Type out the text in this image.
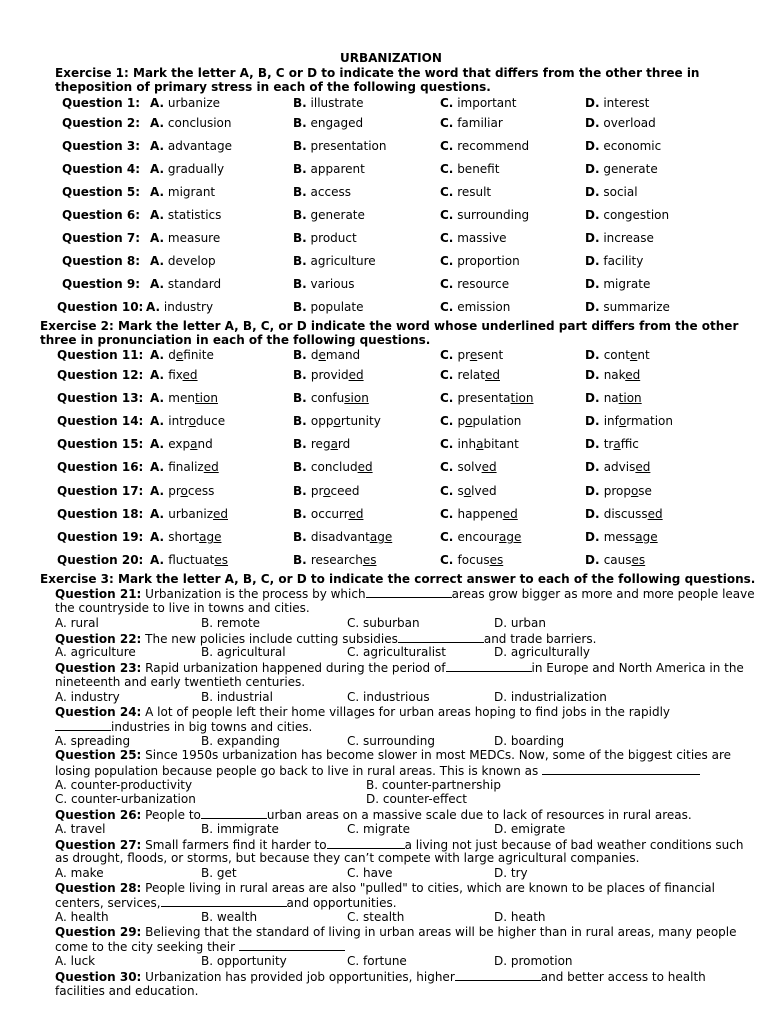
URBANIZATION
Exercise 1: Mark the letter A, B, C or D to indicate the word that differs from the other three in
theposition of primary stress in each of the following questions.
Question 1: A. urbanize	B. illustrate	C. important	D. interest
Question 2: A. conclusion	B. engaged	C. familiar	D. overload
Question 3: A. advantage	B. presentation	C. recommend	D. economic
Question 4: A. gradually	B. apparent	C. benefit	D. generate
Question 5: A. migrant	B. access	C. result	D. social
Question 6: A. statistics	B. generate	C. surrounding	D. congestion
Question 7: A. measure	B. product	C. massive	D. increase
Question 8: A. develop	B. agriculture	C. proportion	D. facility
Question 9: A. standard	B. various	C. resource	D. migrate
Question 10: A. industry	B. populate	C. emission	D. summarize
Exercise 2: Mark the letter A, B, C, or D indicate the word whose underlined part differs from the other
three in pronunciation in each of the following questions.
Question 11: A. definite	B. demand	C. present	D. content
Question 12: A. fixed	B. provided	C. related	D. naked
Question 13: A. mention	B. confusion	C. presentation	D. nation
Question 14: A. introduce	B. opportunity	C. population	D. information
Question 15: A. expand	B. regard	C. inhabitant	D. traffic
Question 16: A. finalized	B. concluded	C. solved	D. advised
Question 17: A. process	B. proceed	C. solved	D. propose
Question 18: A. urbanized	B. occurred	C. happened	D. discussed
Question 19: A. shortage	B. disadvantage	C. encourage	D. message
Question 20: A. fluctuates	B. researches	C. focuses	D. causes
Exercise 3: Mark the letter A, B, C, or D to indicate the correct answer to each of the following questions.
Question 21: Urbanization is the process by which	areas grow bigger as more and more people leave
the countryside to live in towns and cities.
A. rural	B. remote	C. suburban	D. urban
Question 22: The new policies include cutting subsidies	and trade barriers.
A. agriculture	B. agricultural	C. agriculturalist	D. agriculturally
Question 23: Rapid urbanization happened during the period of	in Europe and North America in the
nineteenth and early twentieth centuries.
A. industry	B. industrial	C. industrious	D. industrialization
Question 24: A lot of people left their home villages for urban areas hoping to find jobs in the rapidly
industries in big towns and cities.
A. spreading	B. expanding	C. surrounding	D. boarding
Question 25: Since 1950s urbanization has become slower in most MEDCs. Now, some of the biggest cities are
losing population because people go back to live in rural areas. This is known as
A. counter-productivity	B. counter-partnership
C. counter-urbanization	D. counter-effect
Question 26: People to	urban areas on a massive scale due to lack of resources in rural areas.
A. travel	B. immigrate	C. migrate	D. emigrate
Question 27: Small farmers find it harder to	a living not just because of bad weather conditions such
as drought, floods, or storms, but because they can’t compete with large agricultural companies.
A. make	B. get	C. have	D. try
Question 28: People living in rural areas are also "pulled" to cities, which are known to be places of financial
centers, services,	and opportunities.
A. health	B. wealth	C. stealth	D. heath
Question 29: Believing that the standard of living in urban areas will be higher than in rural areas, many people
come to the city seeking their
A. luck	B. opportunity	C. fortune	D. promotion
Question 30: Urbanization has provided job opportunities, higher	and better access to health
facilities and education.
